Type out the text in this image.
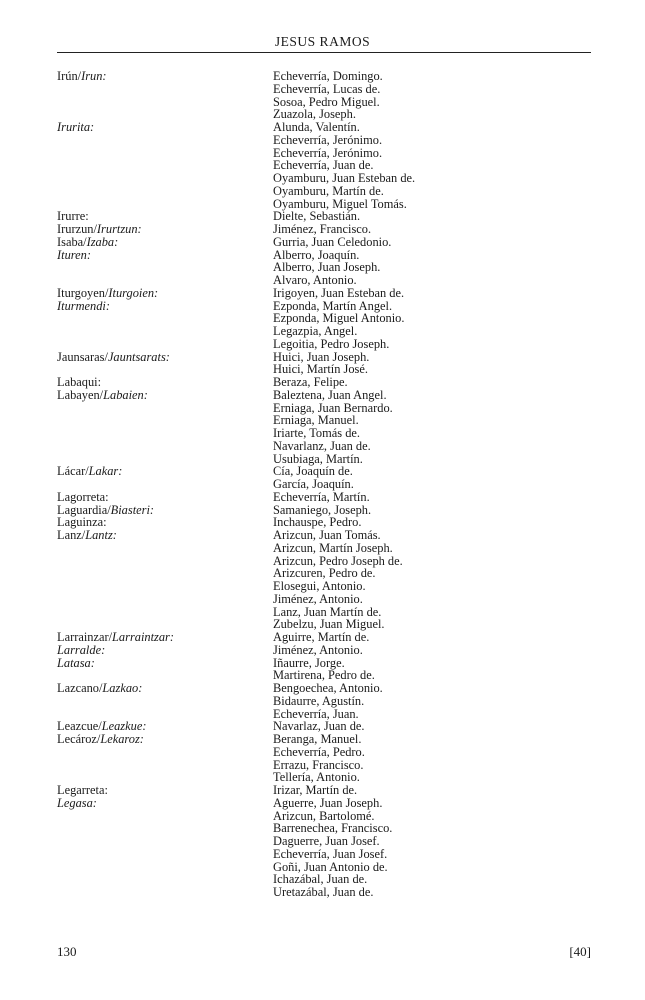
JESUS RAMOS
Irún/Irun:	Echeverría, Domingo.
Echeverría, Lucas de.
Sosoa, Pedro Miguel.
Zuazola, Joseph.
Irurita:	Alunda, Valentín.
Echeverría, Jerónimo.
Echeverría, Jerónimo.
Echeverría, Juan de.
Oyamburu, Juan Esteban de.
Oyamburu, Martín de.
Oyamburu, Miguel Tomás.
Irurre:	Dielte, Sebastián.
Irurzun/Irurtzun:	Jiménez, Francisco.
Isaba/Izaba:	Gurria, Juan Celedonio.
Ituren:	Alberro, Joaquín.
Alberro, Juan Joseph.
Alvaro, Antonio.
Iturgoyen/Iturgoien:	Irigoyen, Juan Esteban de.
Iturmendi:	Ezponda, Martín Angel.
Ezponda, Miguel Antonio.
Legazpia, Angel.
Legoitia, Pedro Joseph.
Jaunsaras/Jauntsarats:	Huici, Juan Joseph.
Huici, Martín José.
Labaqui:	Beraza, Felipe.
Labayen/Labaien:	Baleztena, Juan Angel.
Erniaga, Juan Bernardo.
Erniaga, Manuel.
Iriarte, Tomás de.
Navarlanz, Juan de.
Usubiaga, Martín.
Lácar/Lakar:	Cía, Joaquín de.
García, Joaquín.
Lagorreta:	Echeverría, Martín.
Laguardia/Biasteri:	Samaniego, Joseph.
Laguinza:	Inchauspe, Pedro.
Lanz/Lantz:	Arizcun, Juan Tomás.
Arizcun, Martín Joseph.
Arizcun, Pedro Joseph de.
Arizcuren, Pedro de.
Elosegui, Antonio.
Jiménez, Antonio.
Lanz, Juan Martín de.
Zubelzu, Juan Miguel.
Larrainzar/Larraintzar:	Aguirre, Martín de.
Larralde:	Jiménez, Antonio.
Latasa:	Iñaurre, Jorge.
Martirena, Pedro de.
Lazcano/Lazkao:	Bengoechea, Antonio.
Bidaurre, Agustín.
Echeverría, Juan.
Leazcue/Leazkue:	Navarlaz, Juan de.
Lecároz/Lekaroz:	Beranga, Manuel.
Echeverría, Pedro.
Errazu, Francisco.
Tellería, Antonio.
Legarreta:	Irizar, Martín de.
Legasa:	Aguerre, Juan Joseph.
Arizcun, Bartolomé.
Barrenechea, Francisco.
Daguerre, Juan Josef.
Echeverría, Juan Josef.
Goñi, Juan Antonio de.
Ichazábal, Juan de.
Uretazábal, Juan de.
130	[40]
